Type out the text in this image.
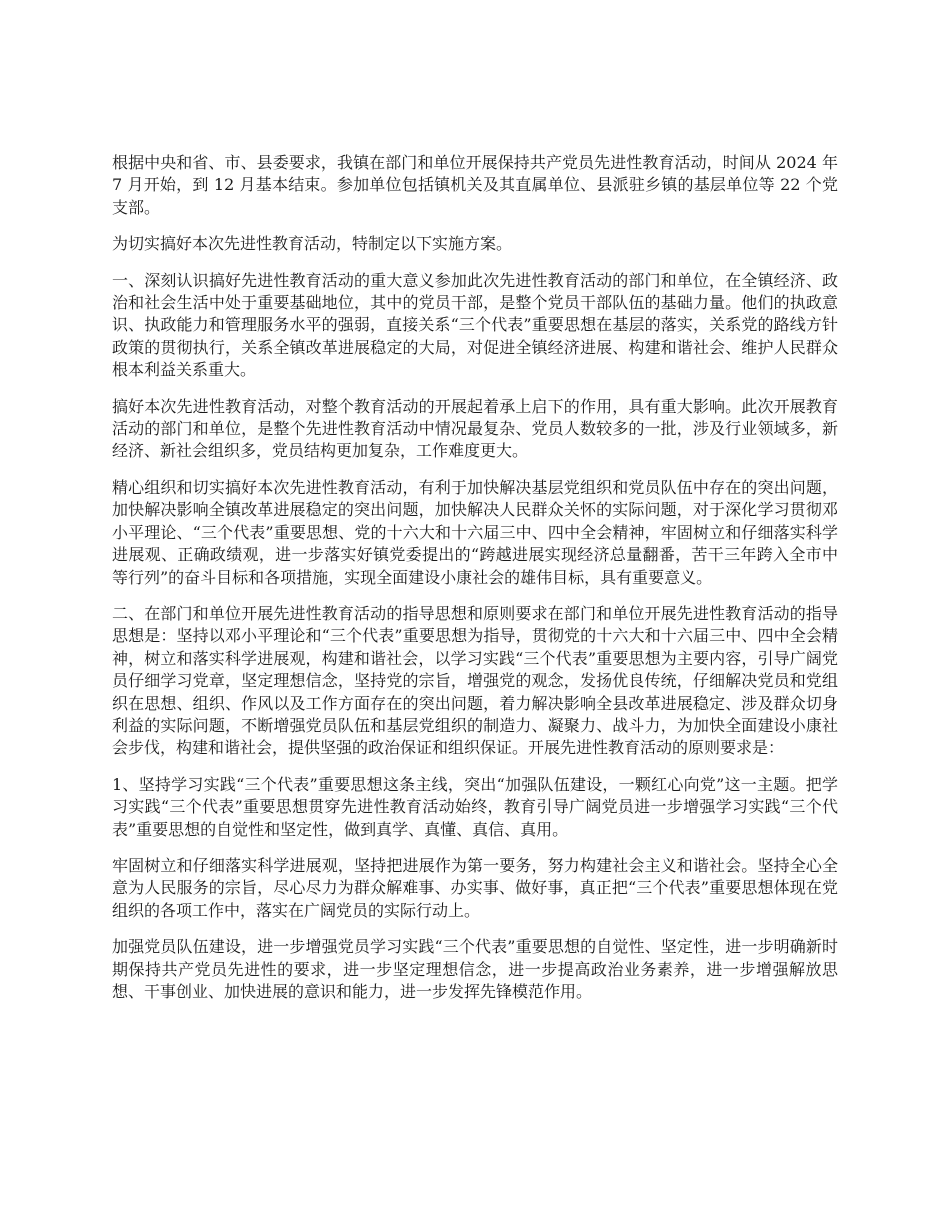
根据中央和省、市、县委要求，我镇在部门和单位开展保持共产党员先进性教育活动，时间从 2024 年 7 月开始，到 12 月基本结束。参加单位包括镇机关及其直属单位、县派驻乡镇的基层单位等 22 个党支部。

为切实搞好本次先进性教育活动，特制定以下实施方案。

一、深刻认识搞好先进性教育活动的重大意义参加此次先进性教育活动的部门和单位，在全镇经济、政治和社会生活中处于重要基础地位，其中的党员干部，是整个党员干部队伍的基础力量。他们的执政意识、执政能力和管理服务水平的强弱，直接关系“三个代表”重要思想在基层的落实，关系党的路线方针政策的贯彻执行，关系全镇改革进展稳定的大局，对促进全镇经济进展、构建和谐社会、维护人民群众根本利益关系重大。

搞好本次先进性教育活动，对整个教育活动的开展起着承上启下的作用，具有重大影响。此次开展教育活动的部门和单位，是整个先进性教育活动中情况最复杂、党员人数较多的一批，涉及行业领域多，新经济、新社会组织多，党员结构更加复杂，工作难度更大。

精心组织和切实搞好本次先进性教育活动，有利于加快解决基层党组织和党员队伍中存在的突出问题，加快解决影响全镇改革进展稳定的突出问题，加快解决人民群众关怀的实际问题，对于深化学习贯彻邓小平理论、“三个代表”重要思想、党的十六大和十六届三中、四中全会精神，牢固树立和仔细落实科学进展观、正确政绩观，进一步落实好镇党委提出的“跨越进展实现经济总量翻番，苦干三年跨入全市中等行列”的奋斗目标和各项措施，实现全面建设小康社会的雄伟目标，具有重要意义。

二、在部门和单位开展先进性教育活动的指导思想和原则要求在部门和单位开展先进性教育活动的指导思想是：坚持以邓小平理论和“三个代表”重要思想为指导，贯彻党的十六大和十六届三中、四中全会精神，树立和落实科学进展观，构建和谐社会，以学习实践“三个代表”重要思想为主要内容，引导广阔党员仔细学习党章，坚定理想信念，坚持党的宗旨，增强党的观念，发扬优良传统，仔细解决党员和党组织在思想、组织、作风以及工作方面存在的突出问题，着力解决影响全县改革进展稳定、涉及群众切身利益的实际问题，不断增强党员队伍和基层党组织的制造力、凝聚力、战斗力，为加快全面建设小康社会步伐，构建和谐社会，提供坚强的政治保证和组织保证。开展先进性教育活动的原则要求是：

1、坚持学习实践“三个代表”重要思想这条主线，突出“加强队伍建设，一颗红心向党”这一主题。把学习实践“三个代表”重要思想贯穿先进性教育活动始终，教育引导广阔党员进一步增强学习实践“三个代表”重要思想的自觉性和坚定性，做到真学、真懂、真信、真用。

牢固树立和仔细落实科学进展观，坚持把进展作为第一要务，努力构建社会主义和谐社会。坚持全心全意为人民服务的宗旨，尽心尽力为群众解难事、办实事、做好事，真正把“三个代表”重要思想体现在党组织的各项工作中，落实在广阔党员的实际行动上。

加强党员队伍建设，进一步增强党员学习实践“三个代表”重要思想的自觉性、坚定性，进一步明确新时期保持共产党员先进性的要求，进一步坚定理想信念，进一步提高政治业务素养，进一步增强解放思想、干事创业、加快进展的意识和能力，进一步发挥先锋模范作用。
